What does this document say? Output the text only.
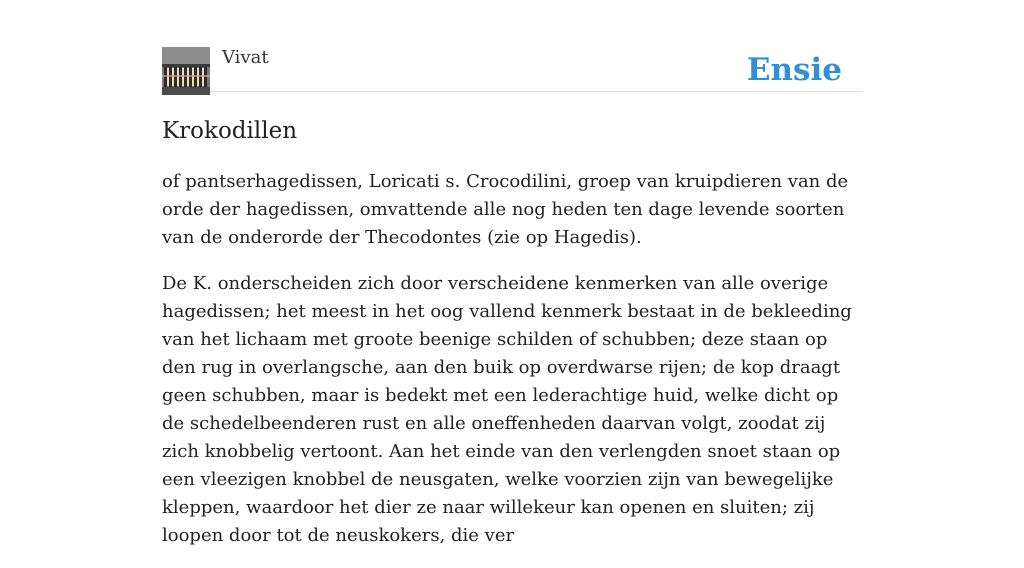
Vivat	Ensie
Krokodillen

of pantserhagedissen, Loricati s. Crocodilini, groep van kruipdieren van de orde der hagedissen, omvattende alle nog heden ten dage levende soorten van de onderorde der Thecodontes (zie op Hagedis).

De K. onderscheiden zich door verscheidene kenmerken van alle overige hagedissen; het meest in het oog vallend kenmerk bestaat in de bekleeding van het lichaam met groote beenige schilden of schubben; deze staan op den rug in overlangsche, aan den buik op overdwarse rijen; de kop draagt geen schubben, maar is bedekt met een lederachtige huid, welke dicht op de schedelbeenderen rust en alle oneffenheden daarvan volgt, zoodat zij zich knobbelig vertoont. Aan het einde van den verlengden snoet staan op een vleezigen knobbel de neusgaten, welke voorzien zijn van bewegelijke kleppen, waardoor het dier ze naar willekeur kan openen en sluiten; zij loopen door tot de neuskokers, die ver
